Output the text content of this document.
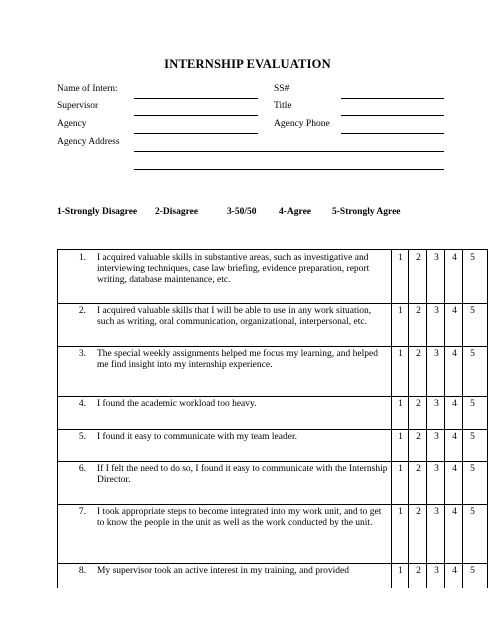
INTERNSHIP EVALUATION
Name of Intern:	SS#
Supervisor	Title
Agency	Agency Phone
Agency Address
1-Strongly Disagree 2-Disagree	3-50/50 4-Agree 5-Strongly Agree
1. I acquired valuable skills in substantive areas, such as investigative and interviewing techniques, case law briefing, evidence preparation, report writing, database maintenance, etc.
1	2	3	4	5
2. I acquired valuable skills that I will be able to use in any work situation, such as writing, oral communication, organizational, interpersonal, etc.
1	2	3	4	5
3. The special weekly assignments helped me focus my learning, and helped me find insight into my internship experience.
1	2	3	4	5
4. I found the academic workload too heavy.	1	2	3	4	5
5. I found it easy to communicate with my team leader.	1	2	3	4	5
6. If I felt the need to do so, I found it easy to communicate with the Internship Director.
1	2	3	4	5
7. I took appropriate steps to become integrated into my work unit, and to get to know the people in the unit as well as the work conducted by the unit.
1	2	3	4	5
8. My supervisor took an active interest in my training, and provided	1	2	3	4	5
